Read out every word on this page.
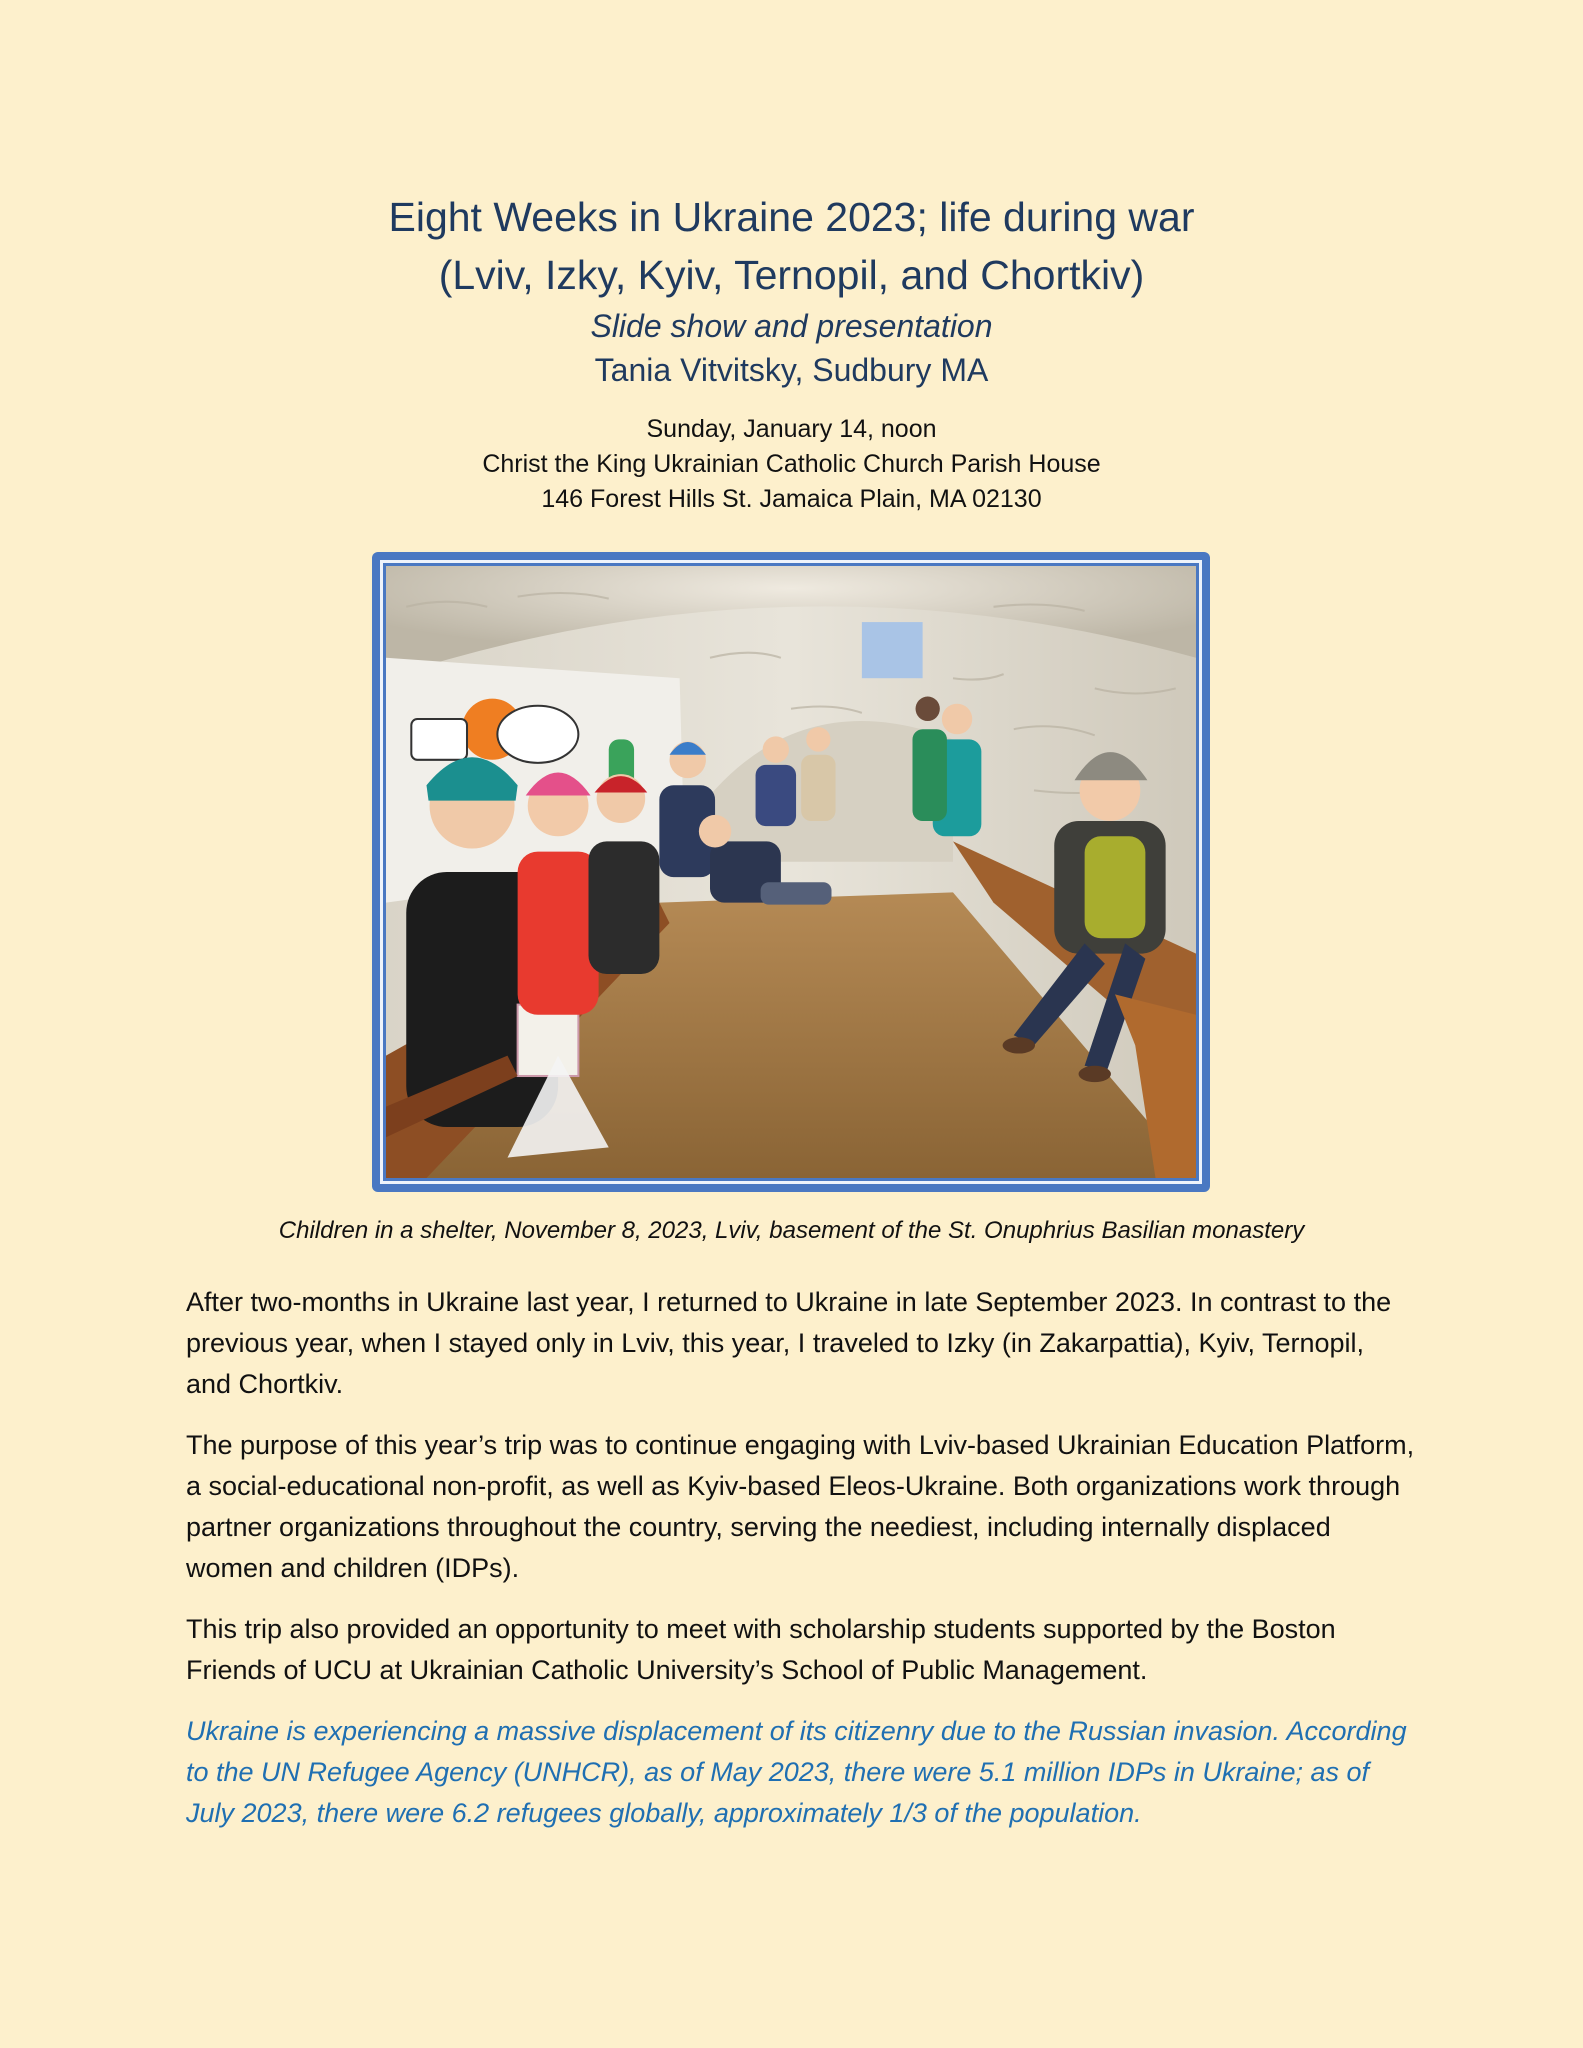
Eight Weeks in Ukraine 2023; life during war
(Lviv, Izky, Kyiv, Ternopil, and Chortkiv)
Slide show and presentation
Tania Vitvitsky, Sudbury MA
Sunday, January 14, noon
Christ the King Ukrainian Catholic Church Parish House
146 Forest Hills St. Jamaica Plain, MA 02130
Children in a shelter, November 8, 2023, Lviv, basement of the St. Onuphrius Basilian monastery

After two-months in Ukraine last year, I returned to Ukraine in late September 2023. In contrast to the previous year, when I stayed only in Lviv, this year, I traveled to Izky (in Zakarpattia), Kyiv, Ternopil, and Chortkiv.

The purpose of this year’s trip was to continue engaging with Lviv-based Ukrainian Education Platform, a social-educational non-profit, as well as Kyiv-based Eleos-Ukraine. Both organizations work through partner organizations throughout the country, serving the neediest, including internally displaced women and children (IDPs).

This trip also provided an opportunity to meet with scholarship students supported by the Boston Friends of UCU at Ukrainian Catholic University’s School of Public Management.

Ukraine is experiencing a massive displacement of its citizenry due to the Russian invasion. According to the UN Refugee Agency (UNHCR), as of May 2023, there were 5.1 million IDPs in Ukraine; as of July 2023, there were 6.2 refugees globally, approximately 1/3 of the population.
